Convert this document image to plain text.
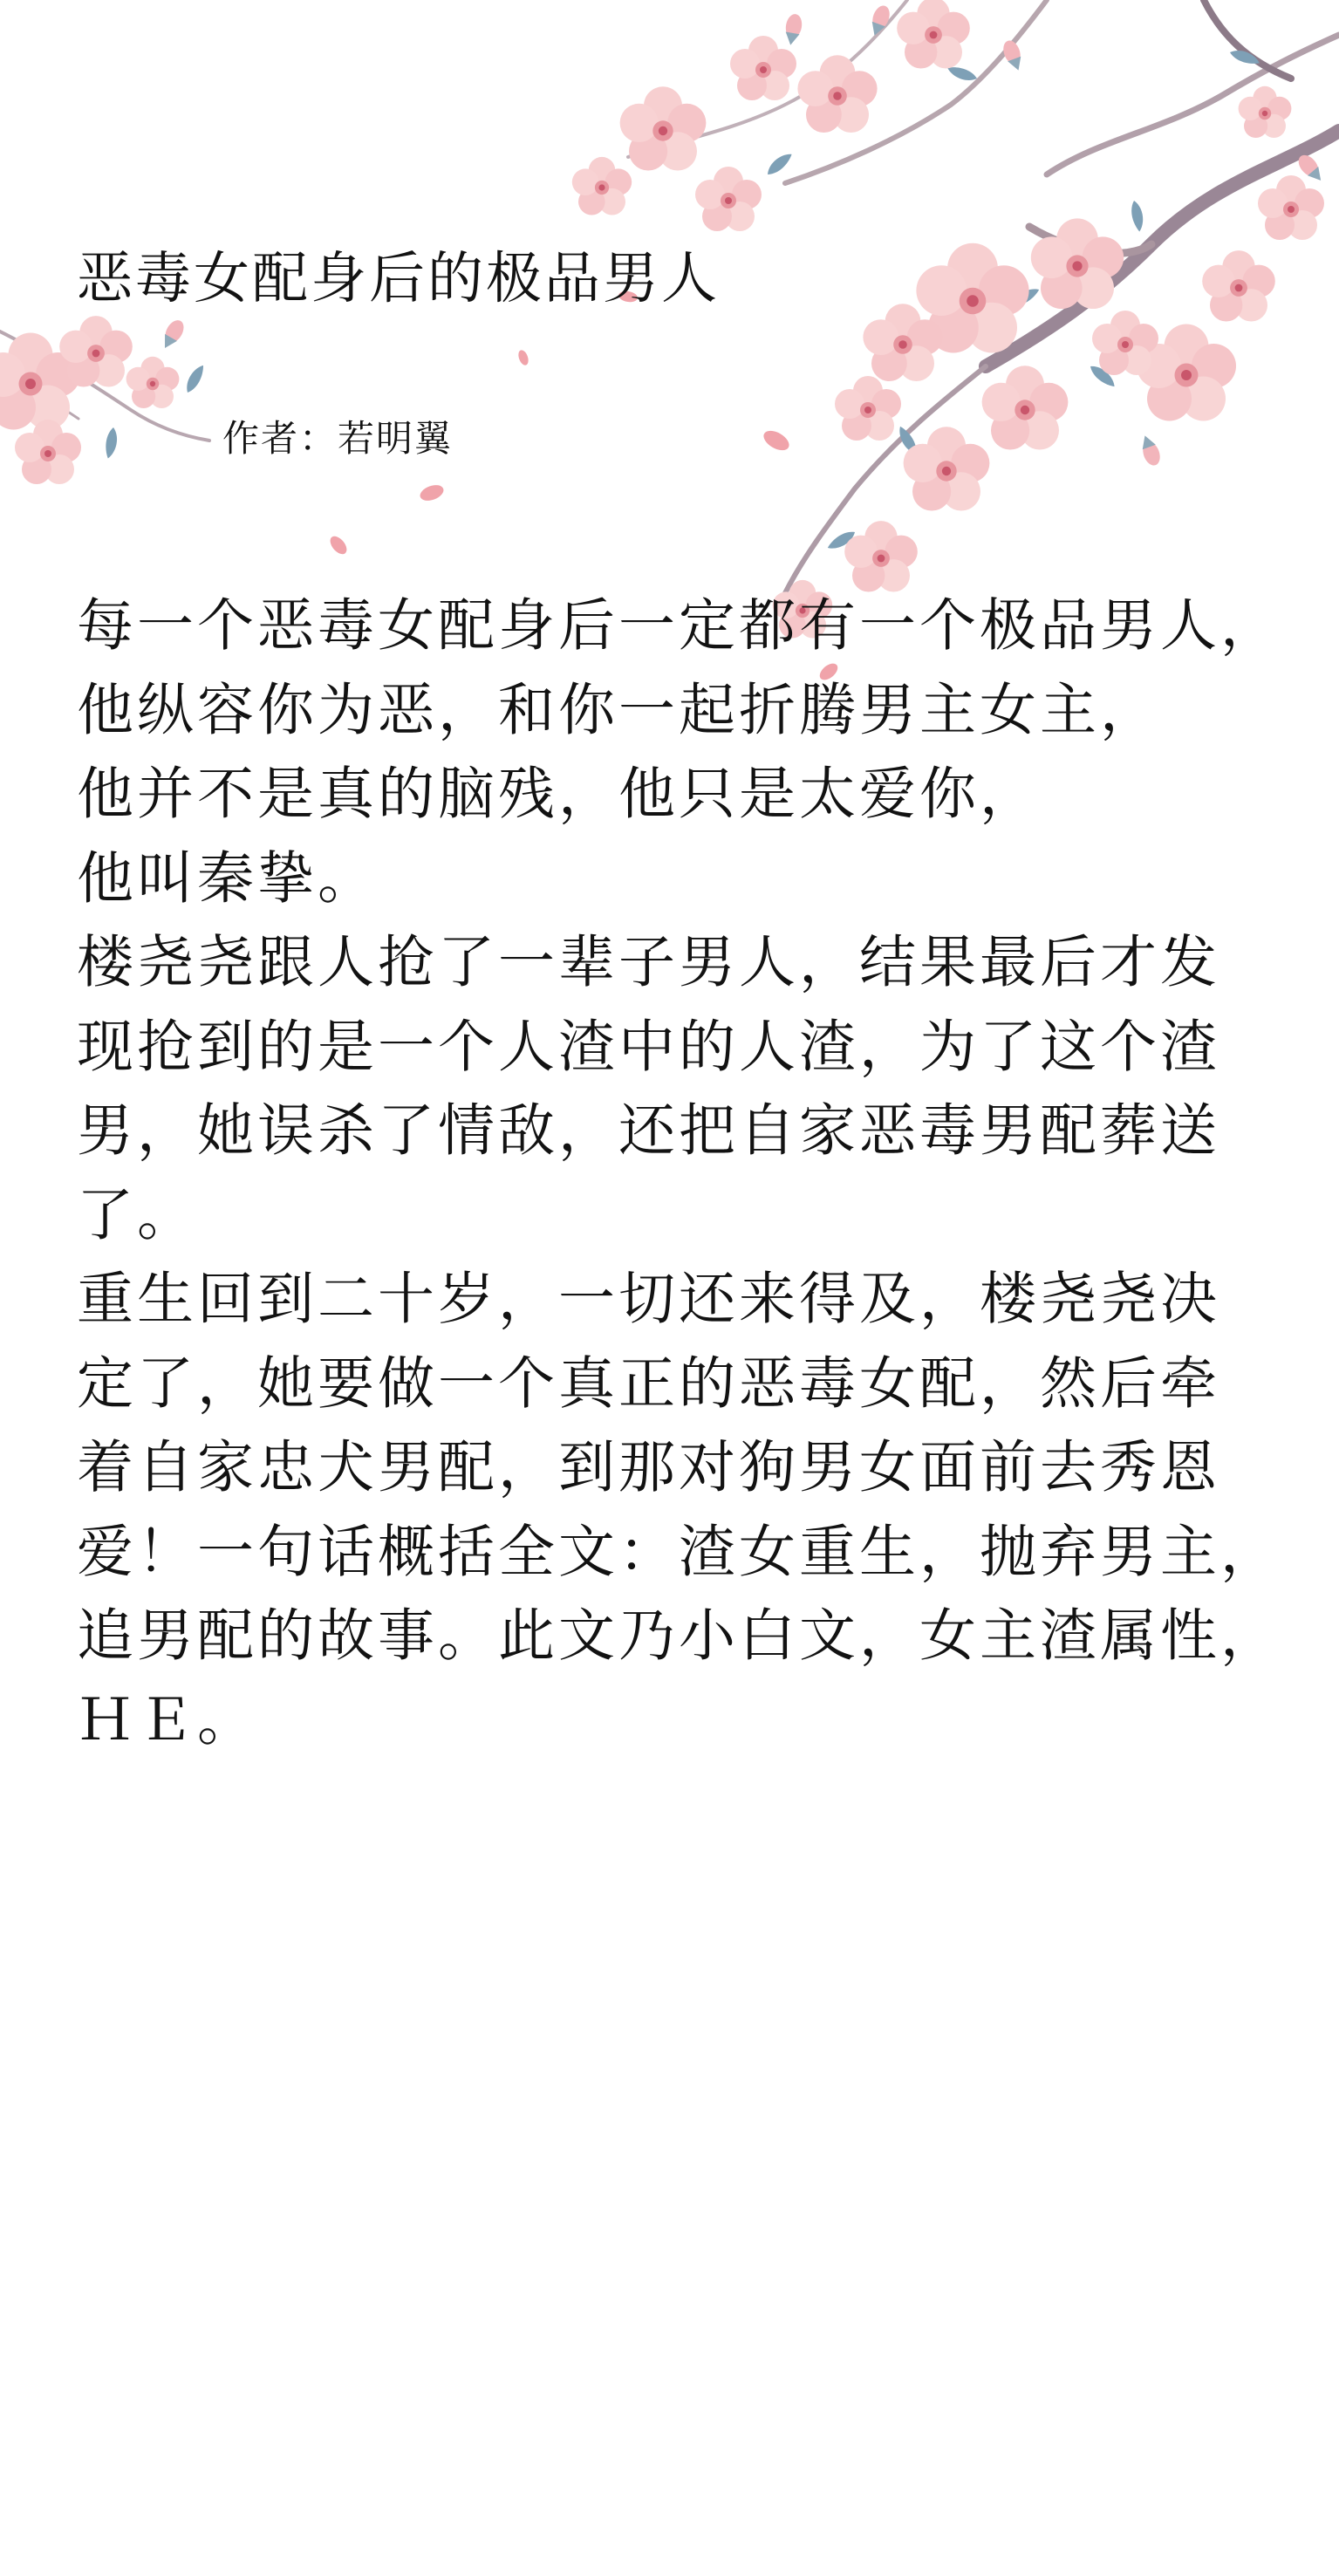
恶毒女配身后的极品男人
作者：若明翼
每一个恶毒女配身后一定都有一个极品男人，
他纵容你为恶，和你一起折腾男主女主，
他并不是真的脑残，他只是太爱你，
他叫秦挚。
楼尧尧跟人抢了一辈子男人，结果最后才发
现抢到的是一个人渣中的人渣，为了这个渣
男，她误杀了情敌，还把自家恶毒男配葬送
了。
重生回到二十岁，一切还来得及，楼尧尧决
定了，她要做一个真正的恶毒女配，然后牵
着自家忠犬男配，到那对狗男女面前去秀恩
爱！一句话概括全文：渣女重生，抛弃男主，
追男配的故事。此文乃小白文，女主渣属性，
ＨＥ。
